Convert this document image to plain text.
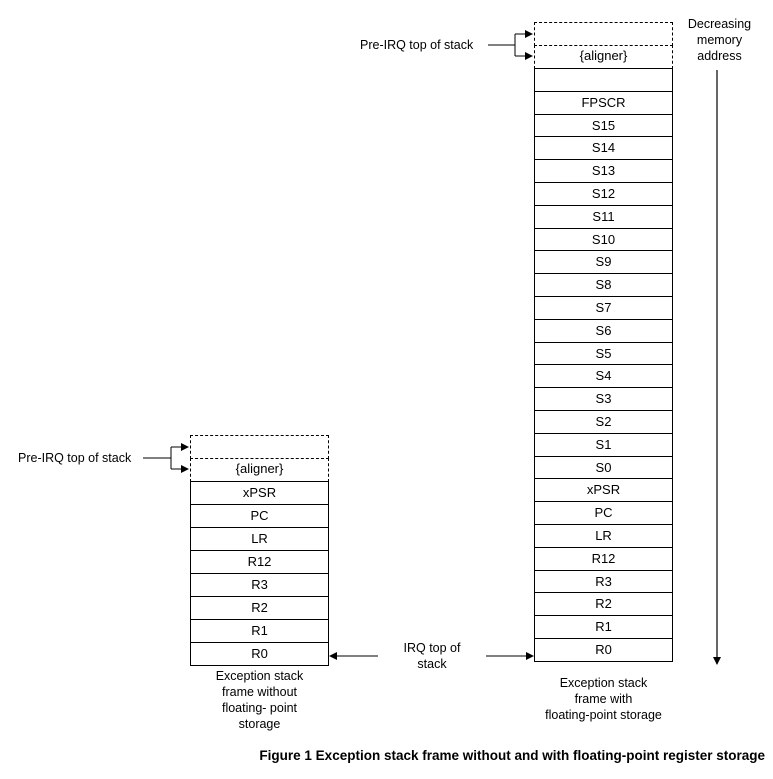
Pre-IRQ top of stack
{aligner}
xPSR
PC
LR
R12
R3
R2
R1
R0
Exception stack
frame without
floating- point
storage
Pre-IRQ top of stack
{aligner}
FPSCR
S15
S14
S13
S12
S11
S10
S9
S8
S7
S6
S5
S4
S3
S2
S1
S0
xPSR
PC
LR
R12
R3
R2
R1
R0
Exception stack
frame with
floating-point storage
IRQ top of
stack
Decreasing
memory
address
Figure 1 Exception stack frame without and with floating-point register storage
